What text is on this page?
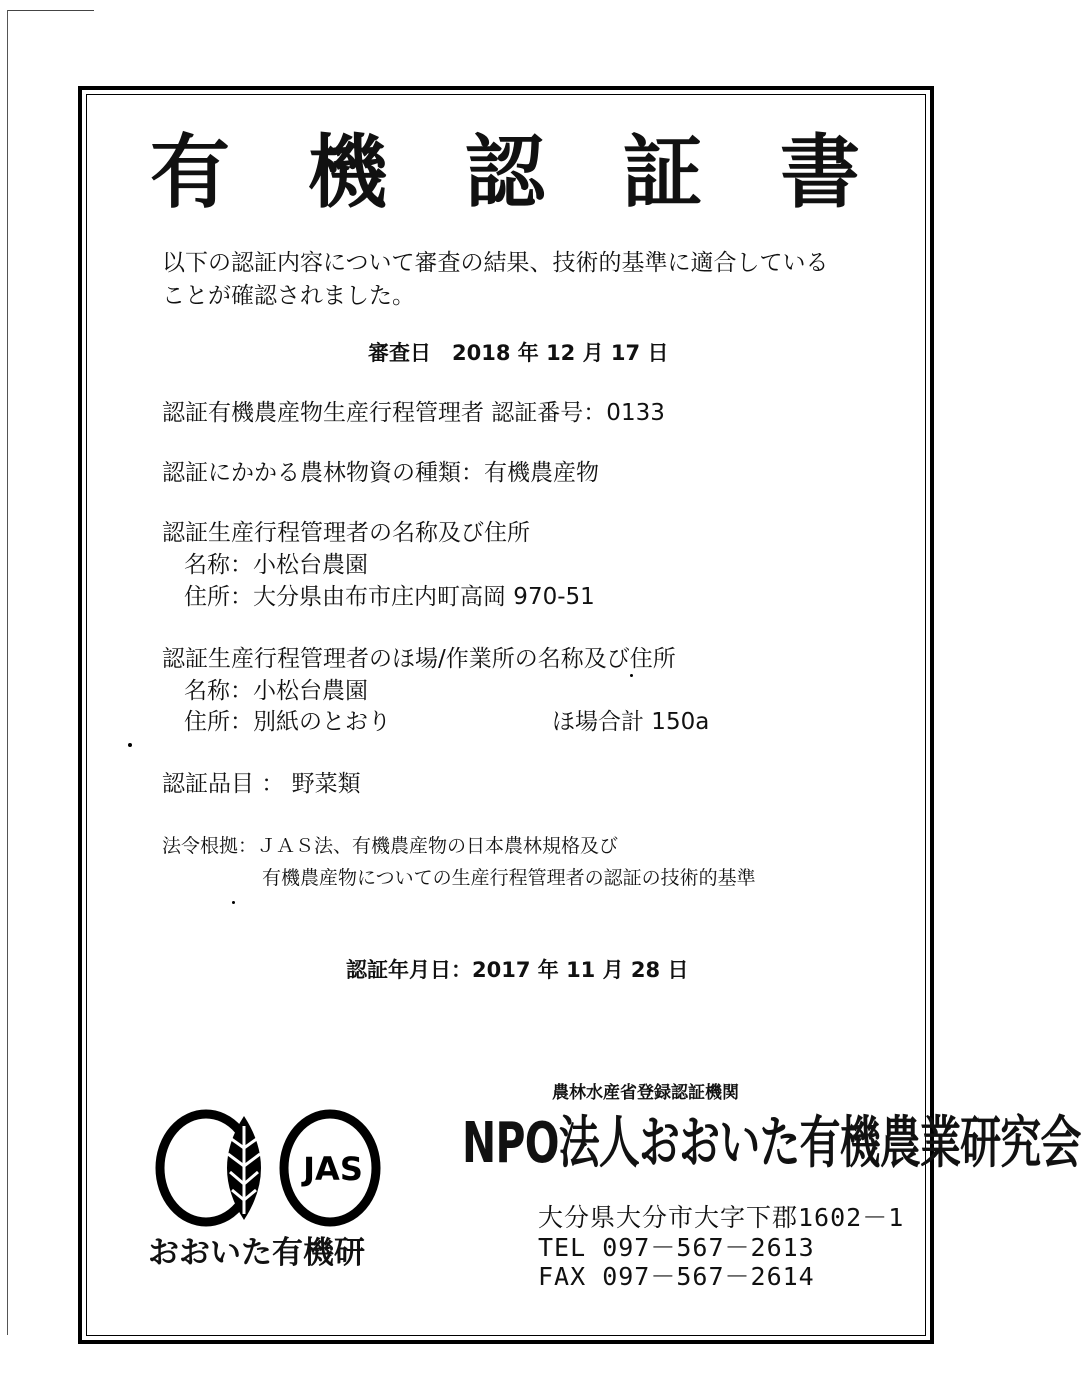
有 機 認 証 書
以下の認証内容について審査の結果、技術的基準に適合している
ことが確認されました。
審査日　2018 年 12 月 17 日
認証有機農産物生産行程管理者 認証番号：0133
認証にかかる農林物資の種類：有機農産物
認証生産行程管理者の名称及び住所
名称：小松台農園
住所：大分県由布市庄内町高岡 970-51
認証生産行程管理者のほ場/作業所の名称及び住所
名称：小松台農園
住所：別紙のとおり	ほ場合計 150a
認証品目 ： 野菜類
法令根拠：ＪＡＳ法、有機農産物の日本農林規格及び
有機農産物についての生産行程管理者の認証の技術的基準
認証年月日：2017 年 11 月 28 日
JAS
おおいた有機研
農林水産省登録認証機関
NPO法人おおいた有機農業研究会
大分県大分市大字下郡1602－1
TEL 097－567－2613
FAX 097－567－2614
